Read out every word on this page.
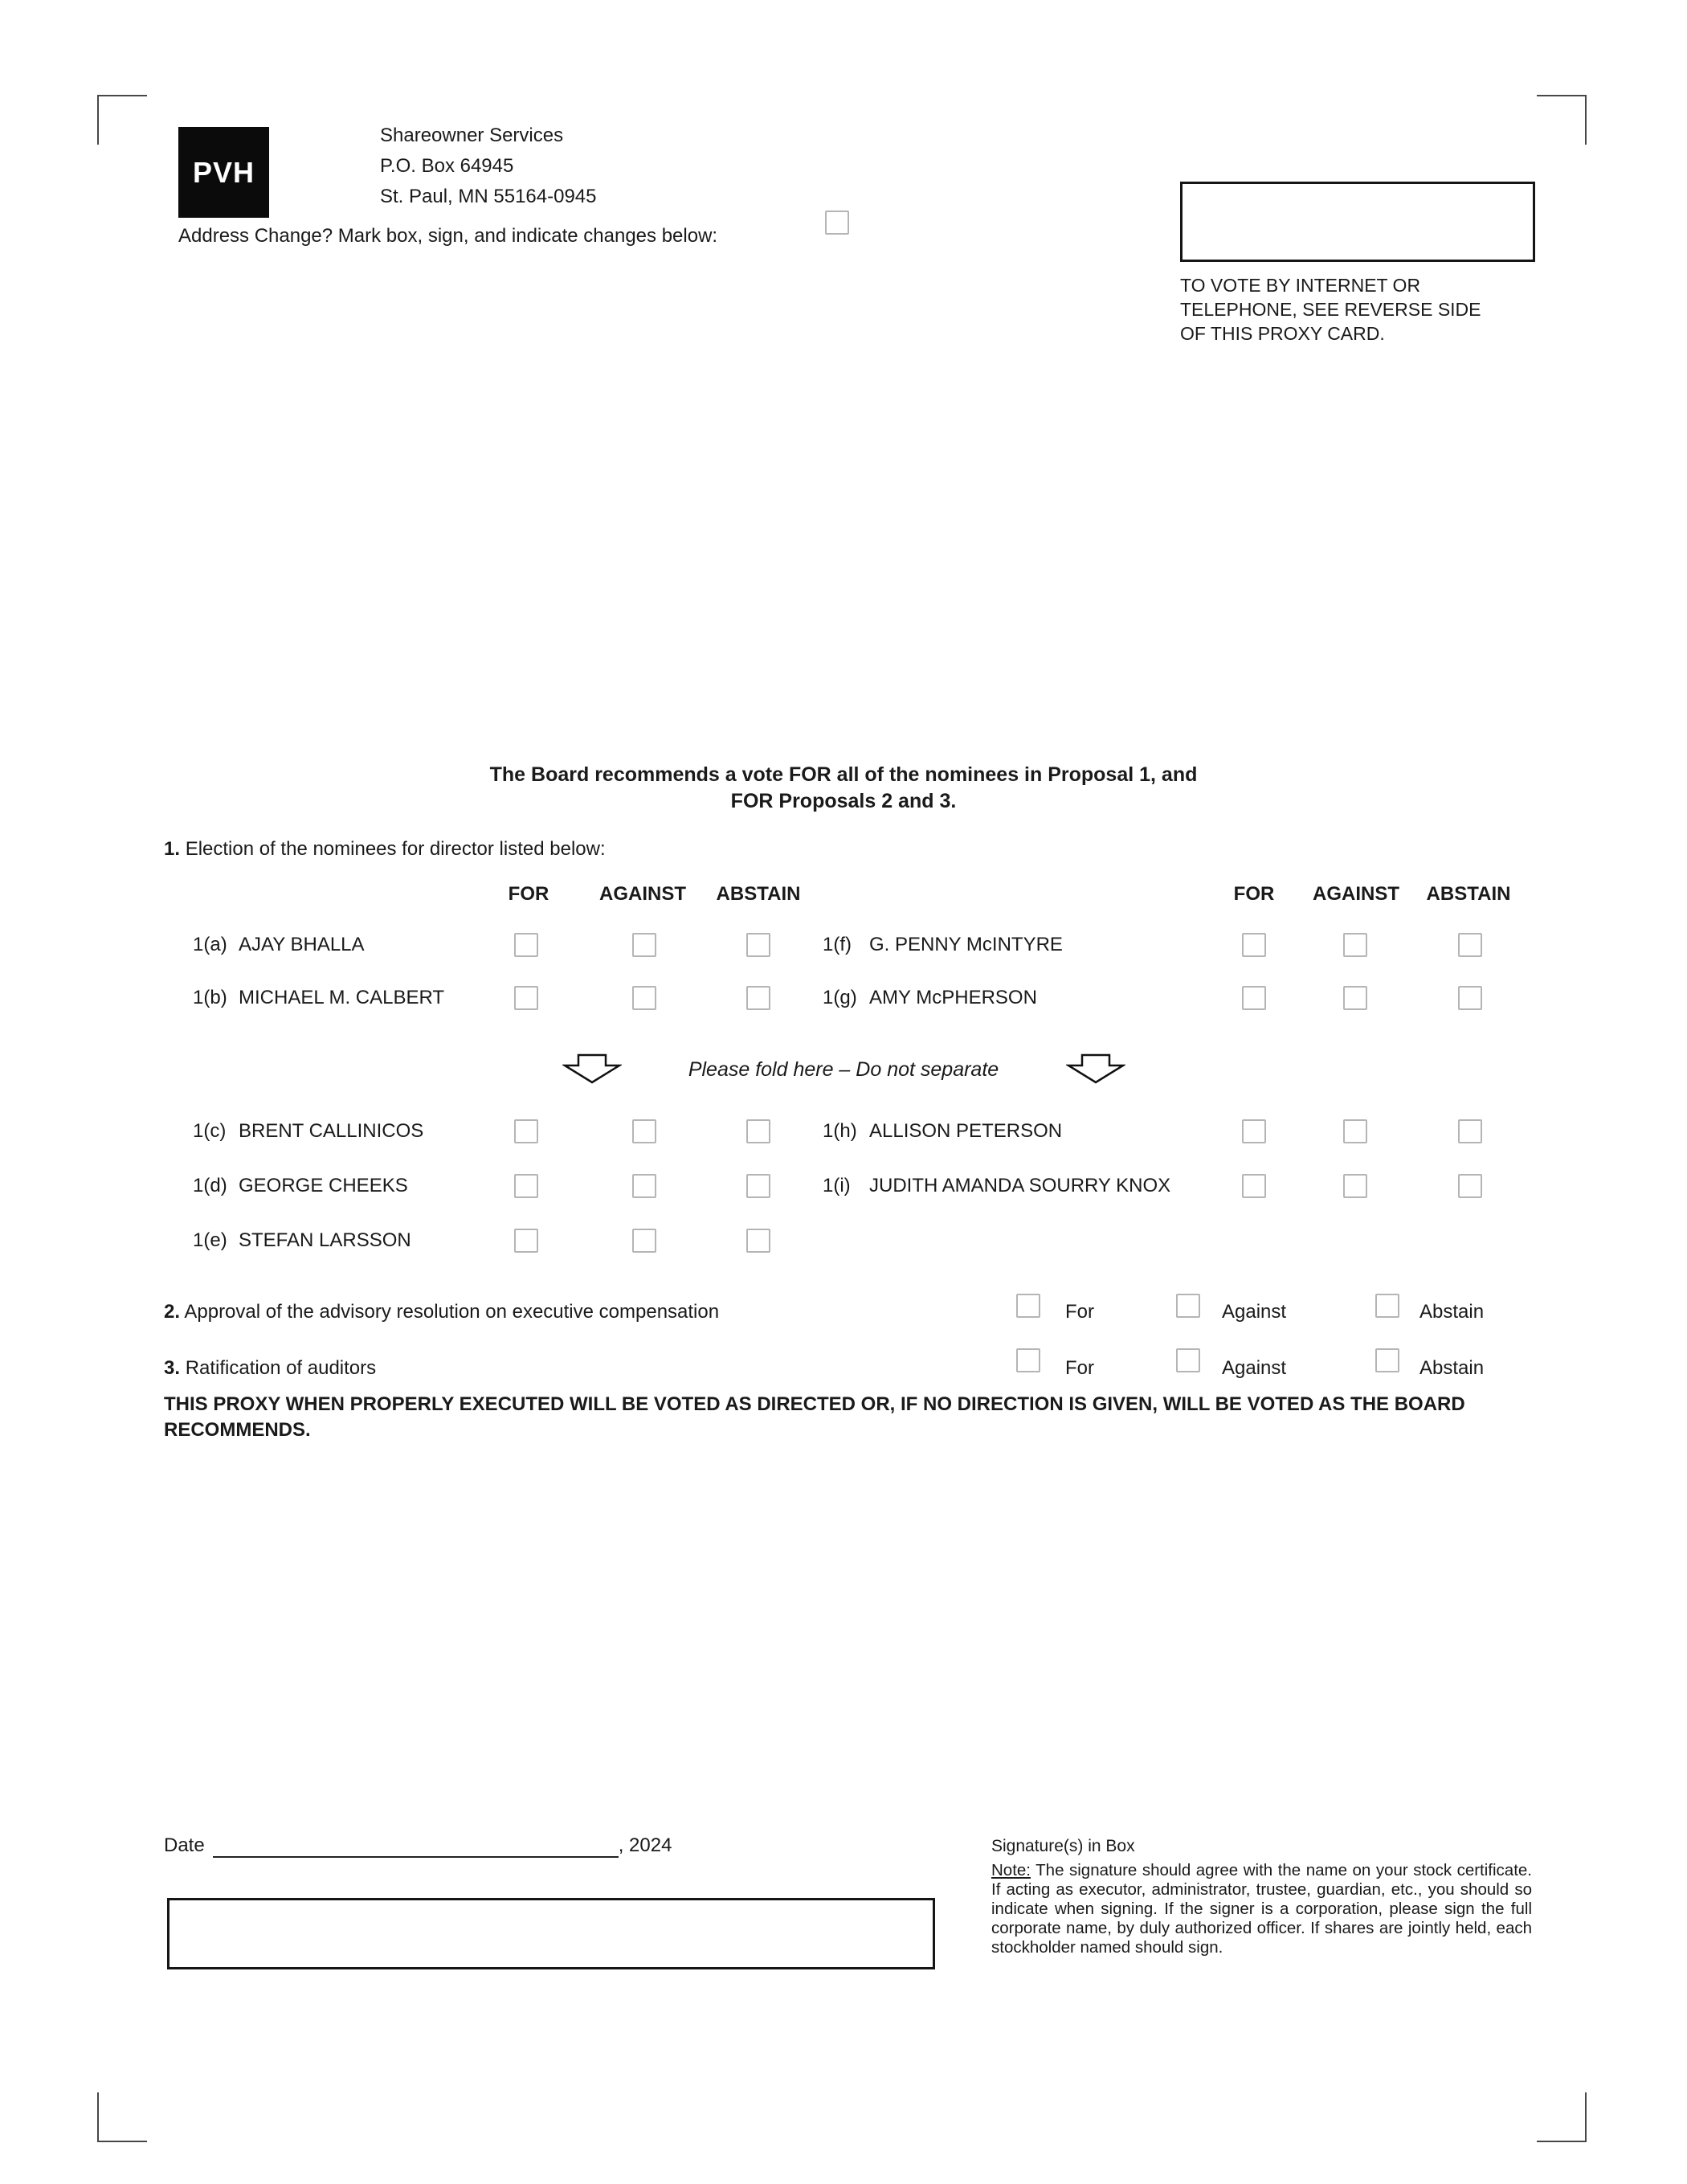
PVH
Shareowner Services
P.O. Box 64945
St. Paul, MN 55164-0945
Address Change? Mark box, sign, and indicate changes below:
TO VOTE BY INTERNET OR
TELEPHONE, SEE REVERSE SIDE
OF THIS PROXY CARD.
The Board recommends a vote FOR all of the nominees in Proposal 1, and
FOR Proposals 2 and 3.
1. Election of the nominees for director listed below:
FOR	AGAINST ABSTAIN	FOR AGAINST ABSTAIN
1(a) AJAY BHALLA	1(f) G. PENNY McINTYRE
1(b) MICHAEL M. CALBERT	1(g) AMY McPHERSON
Please fold here – Do not separate
1(c) BRENT CALLINICOS	1(h) ALLISON PETERSON
1(d) GEORGE CHEEKS	1(i) JUDITH AMANDA SOURRY KNOX
1(e) STEFAN LARSSON
2. Approval of the advisory resolution on executive compensation	For	Against	Abstain
3. Ratification of auditors	For	Against	Abstain
THIS PROXY WHEN PROPERLY EXECUTED WILL BE VOTED AS DIRECTED OR, IF NO DIRECTION IS GIVEN, WILL BE VOTED AS THE BOARD RECOMMENDS.
Date	, 2024	Signature(s) in Box
Note: The signature should agree with the name on your stock certificate. If acting as executor, administrator, trustee, guardian, etc., you should so indicate when signing. If the signer is a corporation, please sign the full corporate name, by duly authorized officer. If shares are jointly held, each stockholder named should sign.
